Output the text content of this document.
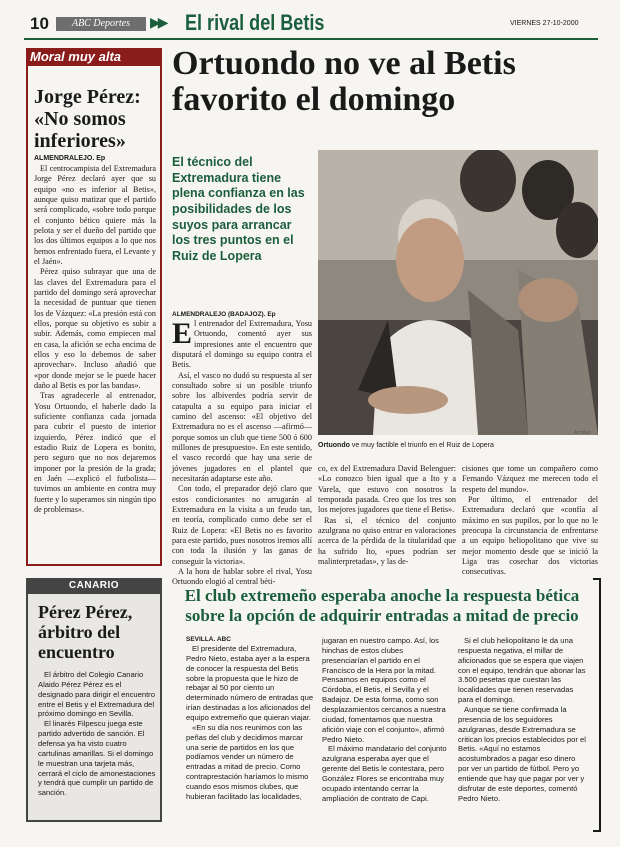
10	ABC Deportes	▶▶ El rival del Betis	VIERNES 27-10-2000
Moral muy alta
Jorge Pérez: «No somos inferiores»
ALMENDRALEJO. Ep

El centrocampista del Extremadura Jorge Pérez declaró ayer que su equipo «no es inferior al Betis», aunque quiso matizar que el partido será complicado, «sobre todo porque el conjunto bético quiere más la pelota y ser el dueño del partido que los dos últimos equipos a lo que nos hemos enfrentado fuera, el Levante y el Jaén».

Pérez quiso subrayar que una de las claves del Extremadura para el partido del domingo será aprovechar la necesidad de puntuar que tienen los de Vázquez: «La presión está con ellos, porque su objetivo es subir a subir. Además, como empiecen mal en casa, la afición se echa encima de ellos y eso lo debemos de saber aprovechar». Incluso añadió que «por donde mejor se le puede hacer daño al Betis es por las bandas».

Tras agradecerle al entrenador, Yosu Ortuondo, el haberle dado la suficiente confianza cada jornada para cubrir el puesto de interior izquierdo, Pérez indicó que el estadio Ruiz de Lopera es bonito, pero seguro que no nos dejaremos imponer por la presión de la grada; en Jaén —explicó el futbolista— tuvimos un ambiente en contra muy fuerte y lo superamos sin ningún tipo de problemas».

CANARIO
Pérez Pérez, árbitro del encuentro

El árbitro del Colegio Canario Alaido Pérez Pérez es el designado para dirigir el encuentro entre el Betis y el Extremadura del próximo domingo en Sevilla.

El linarés Filpescu juega este partido advertido de sanción. El defensa ya ha visto cuatro cartulinas amarillas. Si el domingo le muestran una tarjeta más, cerrará el ciclo de amonestaciones y tendrá que cumplir un partido de sanción.

Ortuondo no ve al Betis favorito el domingo
El técnico del Extremadura tiene plena confianza en las posibilidades de los suyos para arrancar los tres puntos en el Ruiz de Lopera
Archivo
Ortuondo ve muy factible el triunfo en el Ruiz de Lopera
ALMENDRALEJO (BADAJOZ). Ep

El entrenador del Extremadura, Yosu Ortuondo, comentó ayer sus impresiones ante el encuentro que disputará el domingo su equipo contra el Betis.

Así, el vasco no dudó su respuesta al ser consultado sobre si un posible triunfo sobre los albiverdes podría servir de catapulta a su equipo para iniciar el camino del ascenso: «El objetivo del Extremadura no es el ascenso —afirmó— porque somos un club que tiene 500 ó 600 millones de presupuesto». En este sentido, el vasco recordó que hay una serie de jóvenes jugadores en el plantel que necesitarán adaptarse este año.

Con todo, el preparador dejó claro que estos condicionantes no arrugarán al Extremadura en la visita a un feudo tan, en teoría, complicado como debe ser el Ruiz de Lopera: «El Betis no es favorito para este partido, pues nosotros iremos allí con toda la ilusión y las ganas de conseguir la victoria».

A la hora de hablar sobre el rival, Yosu Ortuondo elogió al central béti-

co, ex del Extremadura David Belenguer: «Lo conozco bien igual que a Ito y a Varela, que estuvo con nosotros la temporada pasada. Creo que los tres son los mejores jugadores que tiene el Betis».

Ras sí, el técnico del conjunto azulgrana no quiso entrar en valoraciones acerca de la pérdida de la titularidad que ha sufrido Ito, «pues podrían ser malinterpretadas», y las de-

cisiones que tome un compañero como Fernando Vázquez me merecen todo el respeto del mundo».

Por último, el entrenador del Extremadura declaró que «confía al máximo en sus pupilos, por lo que no le preocupa la circunstancia de enfrentarse a un equipo heliopolitano que vive su mejor momento desde que se inició la Liga tras cosechar dos victorias consecutivas.

El club extremeño esperaba anoche la respuesta bética sobre la opción de adquirir entradas a mitad de precio
SEVILLA. ABC

El presidente del Extremadura, Pedro Nieto, estaba ayer a la espera de conocer la respuesta del Betis sobre la propuesta que le hizo de rebajar al 50 por ciento un determinado número de entradas que irían destinadas a los aficionados del equipo extremeño que quieran viajar.

«En su día nos reunimos con las peñas del club y decidimos marcar una serie de partidos en los que podíamos vender un número de entradas a mitad de precio. Como contraprestación haríamos lo mismo cuando esos mismos clubes, que hubieran facilitado las localidades,

jugaran en nuestro campo. Así, los hinchas de estos clubes presenciarían el partido en el Francisco de la Hera por la mitad. Pensamos en equipos como el Córdoba, el Betis, el Sevilla y el Badajoz. De esta forma, como son desplazamientos cercanos a nuestra ciudad, fomentamos que nuestra afición viaje con el conjunto», afirmó Pedro Nieto.

El máximo mandatario del conjunto azulgrana esperaba ayer que el gerente del Betis le contestara, pero González Flores se encontraba muy ocupado intentando cerrar la ampliación de contrato de Capi.

Si el club heliopolitano le da una respuesta negativa, el millar de aficionados que se espera que viajen con el equipo, tendrán que abonar las 3.500 pesetas que cuestan las localidades que tienen reservadas para el domingo.

Aunque se tiene confirmada la presencia de los seguidores azulgranas, desde Extremadura se critican los precios establecidos por el Betis. «Aquí no estamos acostumbrados a pagar eso dinero por ver un partido de fútbol. Pero yo entiende que hay que pagar por ver y disfrutar de este deportes, comentó Pedro Nieto.
